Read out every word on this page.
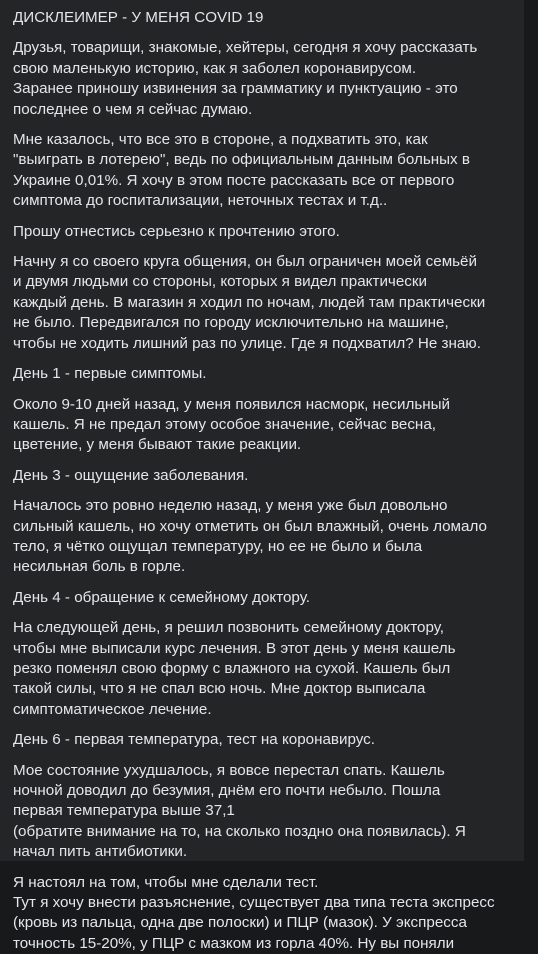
ДИСКЛЕИМЕР - У МЕНЯ COVID 19
Друзья, товарищи, знакомые, хейтеры, сегодня я хочу рассказать
свою маленькую историю, как я заболел коронавирусом.
Заранее приношу извинения за грамматику и пунктуацию - это
последнее о чем я сейчас думаю.
Мне казалось, что все это в стороне, а подхватить это, как
"выиграть в лотерею", ведь по официальным данным больных в
Украине 0,01%. Я хочу в этом посте рассказать все от первого
симптома до госпитализации, неточных тестах и т.д..
Прошу отнестись серьезно к прочтению этого.
Начну я со своего круга общения, он был ограничен моей семьёй
и двумя людьми со стороны, которых я видел практически
каждый день. В магазин я ходил по ночам, людей там практически
не было. Передвигался по городу исключительно на машине,
чтобы не ходить лишний раз по улице. Где я подхватил? Не знаю.
День 1 - первые симптомы.
Около 9-10 дней назад, у меня появился насморк, несильный
кашель. Я не предал этому особое значение, сейчас весна,
цветение, у меня бывают такие реакции.
День 3 - ощущение заболевания.
Началось это ровно неделю назад, у меня уже был довольно
сильный кашель, но хочу отметить он был влажный, очень ломало
тело, я чётко ощущал температуру, но ее не было и была
несильная боль в горле.
День 4 - обращение к семейному доктору.
На следующей день, я решил позвонить семейному доктору,
чтобы мне выписали курс лечения. В этот день у меня кашель
резко поменял свою форму с влажного на сухой. Кашель был
такой силы, что я не спал всю ночь. Мне доктор выписала
симптоматическое лечение.
День 6 - первая температура, тест на коронавирус.
Мое состояние ухудшалось, я вовсе перестал спать. Кашель
ночной доводил до безумия, днём его почти небыло. Пошла
первая температура выше 37,1
(обратите внимание на то, на сколько поздно она появилась). Я
начал пить антибиотики.
Я настоял на том, чтобы мне сделали тест.
Тут я хочу внести разъяснение, существует два типа теста экспресс
(кровь из пальца, одна две полоски) и ПЦР (мазок). У экспресса
точность 15-20%, у ПЦР с мазком из горла 40%. Ну вы поняли
